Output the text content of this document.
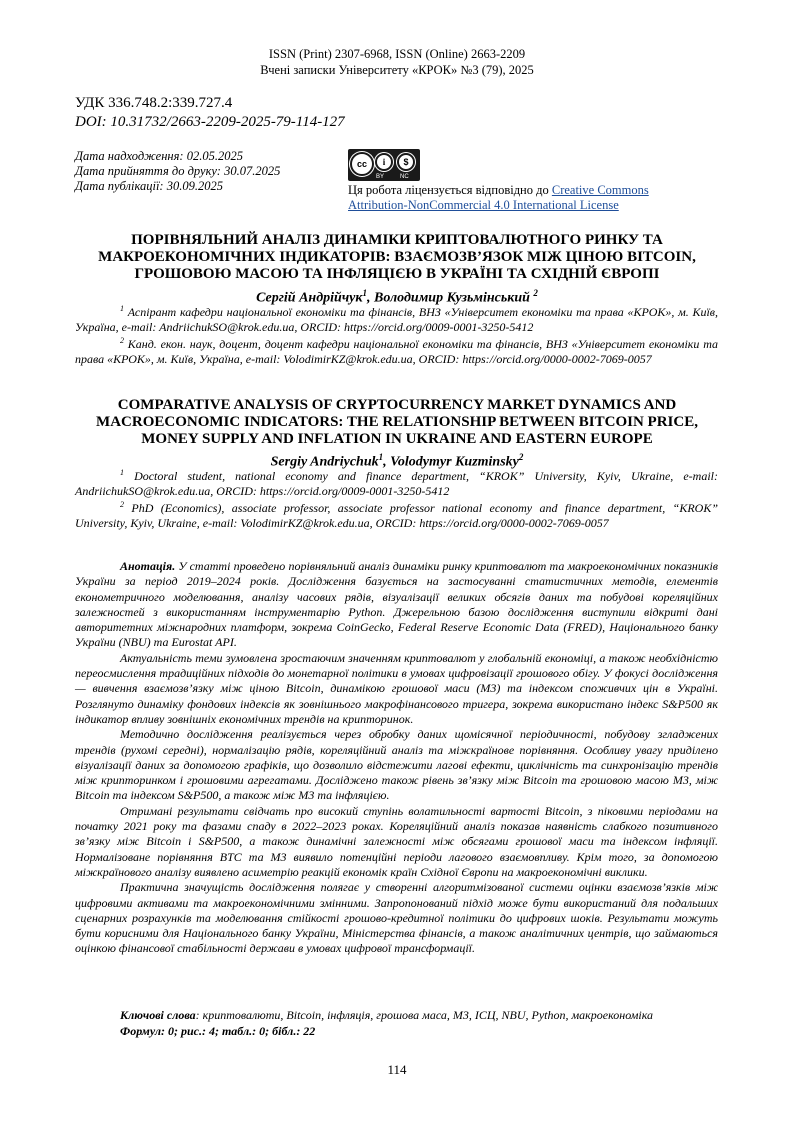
ISSN (Print) 2307-6968, ISSN (Online) 2663-2209
Вчені записки Університету «КРОК» №3 (79), 2025
УДК 336.748.2:339.727.4
DOI: 10.31732/2663-2209-2025-79-114-127
Дата надходження: 02.05.2025
Дата прийняття до друку: 30.07.2025
Дата публікації: 30.09.2025
cc	i	$
BY	NC
Ця робота ліцензується відповідно до Creative Commons
Attribution-NonCommercial 4.0 International License
ПОРІВНЯЛЬНИЙ АНАЛІЗ ДИНАМІКИ КРИПТОВАЛЮТНОГО РИНКУ ТА
МАКРОЕКОНОМІЧНИХ ІНДИКАТОРІВ: ВЗАЄМОЗВ’ЯЗОК МІЖ ЦІНОЮ BITCOIN,
ГРОШОВОЮ МАСОЮ ТА ІНФЛЯЦІЄЮ В УКРАЇНІ ТА СХІДНІЙ ЄВРОПІ
Сергій Андрійчук$^1$, Володимир Кузьмінський $^2$

$^1$ Аспірант кафедри національної економіки та фінансів, ВНЗ «Університет економіки та права «КРОК», м. Київ, Україна, e-mail: AndriichukSO@krok.edu.ua, ORCID: https://orcid.org/0009-0001-3250-5412

$^2$ Канд. екон. наук, доцент, доцент кафедри національної економіки та фінансів, ВНЗ «Університет економіки та права «КРОК», м. Київ, Україна, e-mail: VolodimirKZ@krok.edu.ua, ORCID: https://orcid.org/0000-0002-7069-0057

COMPARATIVE ANALYSIS OF CRYPTOCURRENCY MARKET DYNAMICS AND
MACROECONOMIC INDICATORS: THE RELATIONSHIP BETWEEN BITCOIN PRICE,
MONEY SUPPLY AND INFLATION IN UKRAINE AND EASTERN EUROPE
Sergiy Andriychuk$^1$, Volodymyr Kuzminsky$^2$

$^1$ Doctoral student, national economy and finance department, “KROK” University, Kyiv, Ukraine, e-mail: AndriichukSO@krok.edu.ua, ORCID: https://orcid.org/0009-0001-3250-5412

$^2$ PhD (Economics), associate professor, associate professor national economy and finance department, “KROK” University, Kyiv, Ukraine, e-mail: VolodimirKZ@krok.edu.ua, ORCID: https://orcid.org/0000-0002-7069-0057

Анотація. У статті проведено порівняльний аналіз динаміки ринку криптовалют та макроекономічних показників України за період 2019–2024 років. Дослідження базується на застосуванні статистичних методів, елементів економетричного моделювання, аналізу часових рядів, візуалізації великих обсягів даних та побудові кореляційних залежностей з використанням інструментарію Python. Джерельною базою дослідження виступили відкриті дані авторитетних міжнародних платформ, зокрема CoinGecko, Federal Reserve Economic Data (FRED), Національного банку України (NBU) та Eurostat API.

Актуальність теми зумовлена зростаючим значенням криптовалют у глобальній економіці, а також необхідністю переосмислення традиційних підходів до монетарної політики в умовах цифровізації грошового обігу. У фокусі дослідження — вивчення взаємозв’язку між ціною Bitcoin, динамікою грошової маси (M3) та індексом споживчих цін в Україні. Розглянуто динаміку фондових індексів як зовнішнього макрофінансового тригера, зокрема використано індекс S&P500 як індикатор впливу зовнішніх економічних трендів на крипторинок.

Методично дослідження реалізується через обробку даних щомісячної періодичності, побудову згладжених трендів (рухомі середні), нормалізацію рядів, кореляційний аналіз та міжкраїнове порівняння. Особливу увагу приділено візуалізації даних за допомогою графіків, що дозволило відстежити лагові ефекти, циклічність та синхронізацію трендів між крипторинком і грошовими агрегатами. Досліджено також рівень зв’язку між Bitcoin та грошовою масою M3, між Bitcoin та індексом S&P500, а також між M3 та інфляцією.

Отримані результати свідчать про високий ступінь волатильності вартості Bitcoin, з піковими періодами на початку 2021 року та фазами спаду в 2022–2023 роках. Кореляційний аналіз показав наявність слабкого позитивного зв’язку між Bitcoin і S&P500, а також динамічні залежності між обсягами грошової маси та індексом інфляції. Нормалізоване порівняння BTC та M3 виявило потенційні періоди лагового взаємовпливу. Крім того, за допомогою міжкраїнового аналізу виявлено асиметрію реакцій економік країн Східної Європи на макроекономічні виклики.

Практична значущість дослідження полягає у створенні алгоритмізованої системи оцінки взаємозв’язків між цифровими активами та макроекономічними змінними. Запропонований підхід може бути використаний для подальших сценарних розрахунків та моделювання стійкості грошово-кредитної політики до цифрових шоків. Результати можуть бути корисними для Національного банку України, Міністерства фінансів, а також аналітичних центрів, що займаються оцінкою фінансової стабільності держави в умовах цифрової трансформації.

Ключові слова: криптовалюти, Bitcoin, інфляція, грошова маса, M3, ІСЦ, NBU, Python, макроекономіка
Формул: 0; рис.: 4; табл.: 0; бібл.: 22
114
